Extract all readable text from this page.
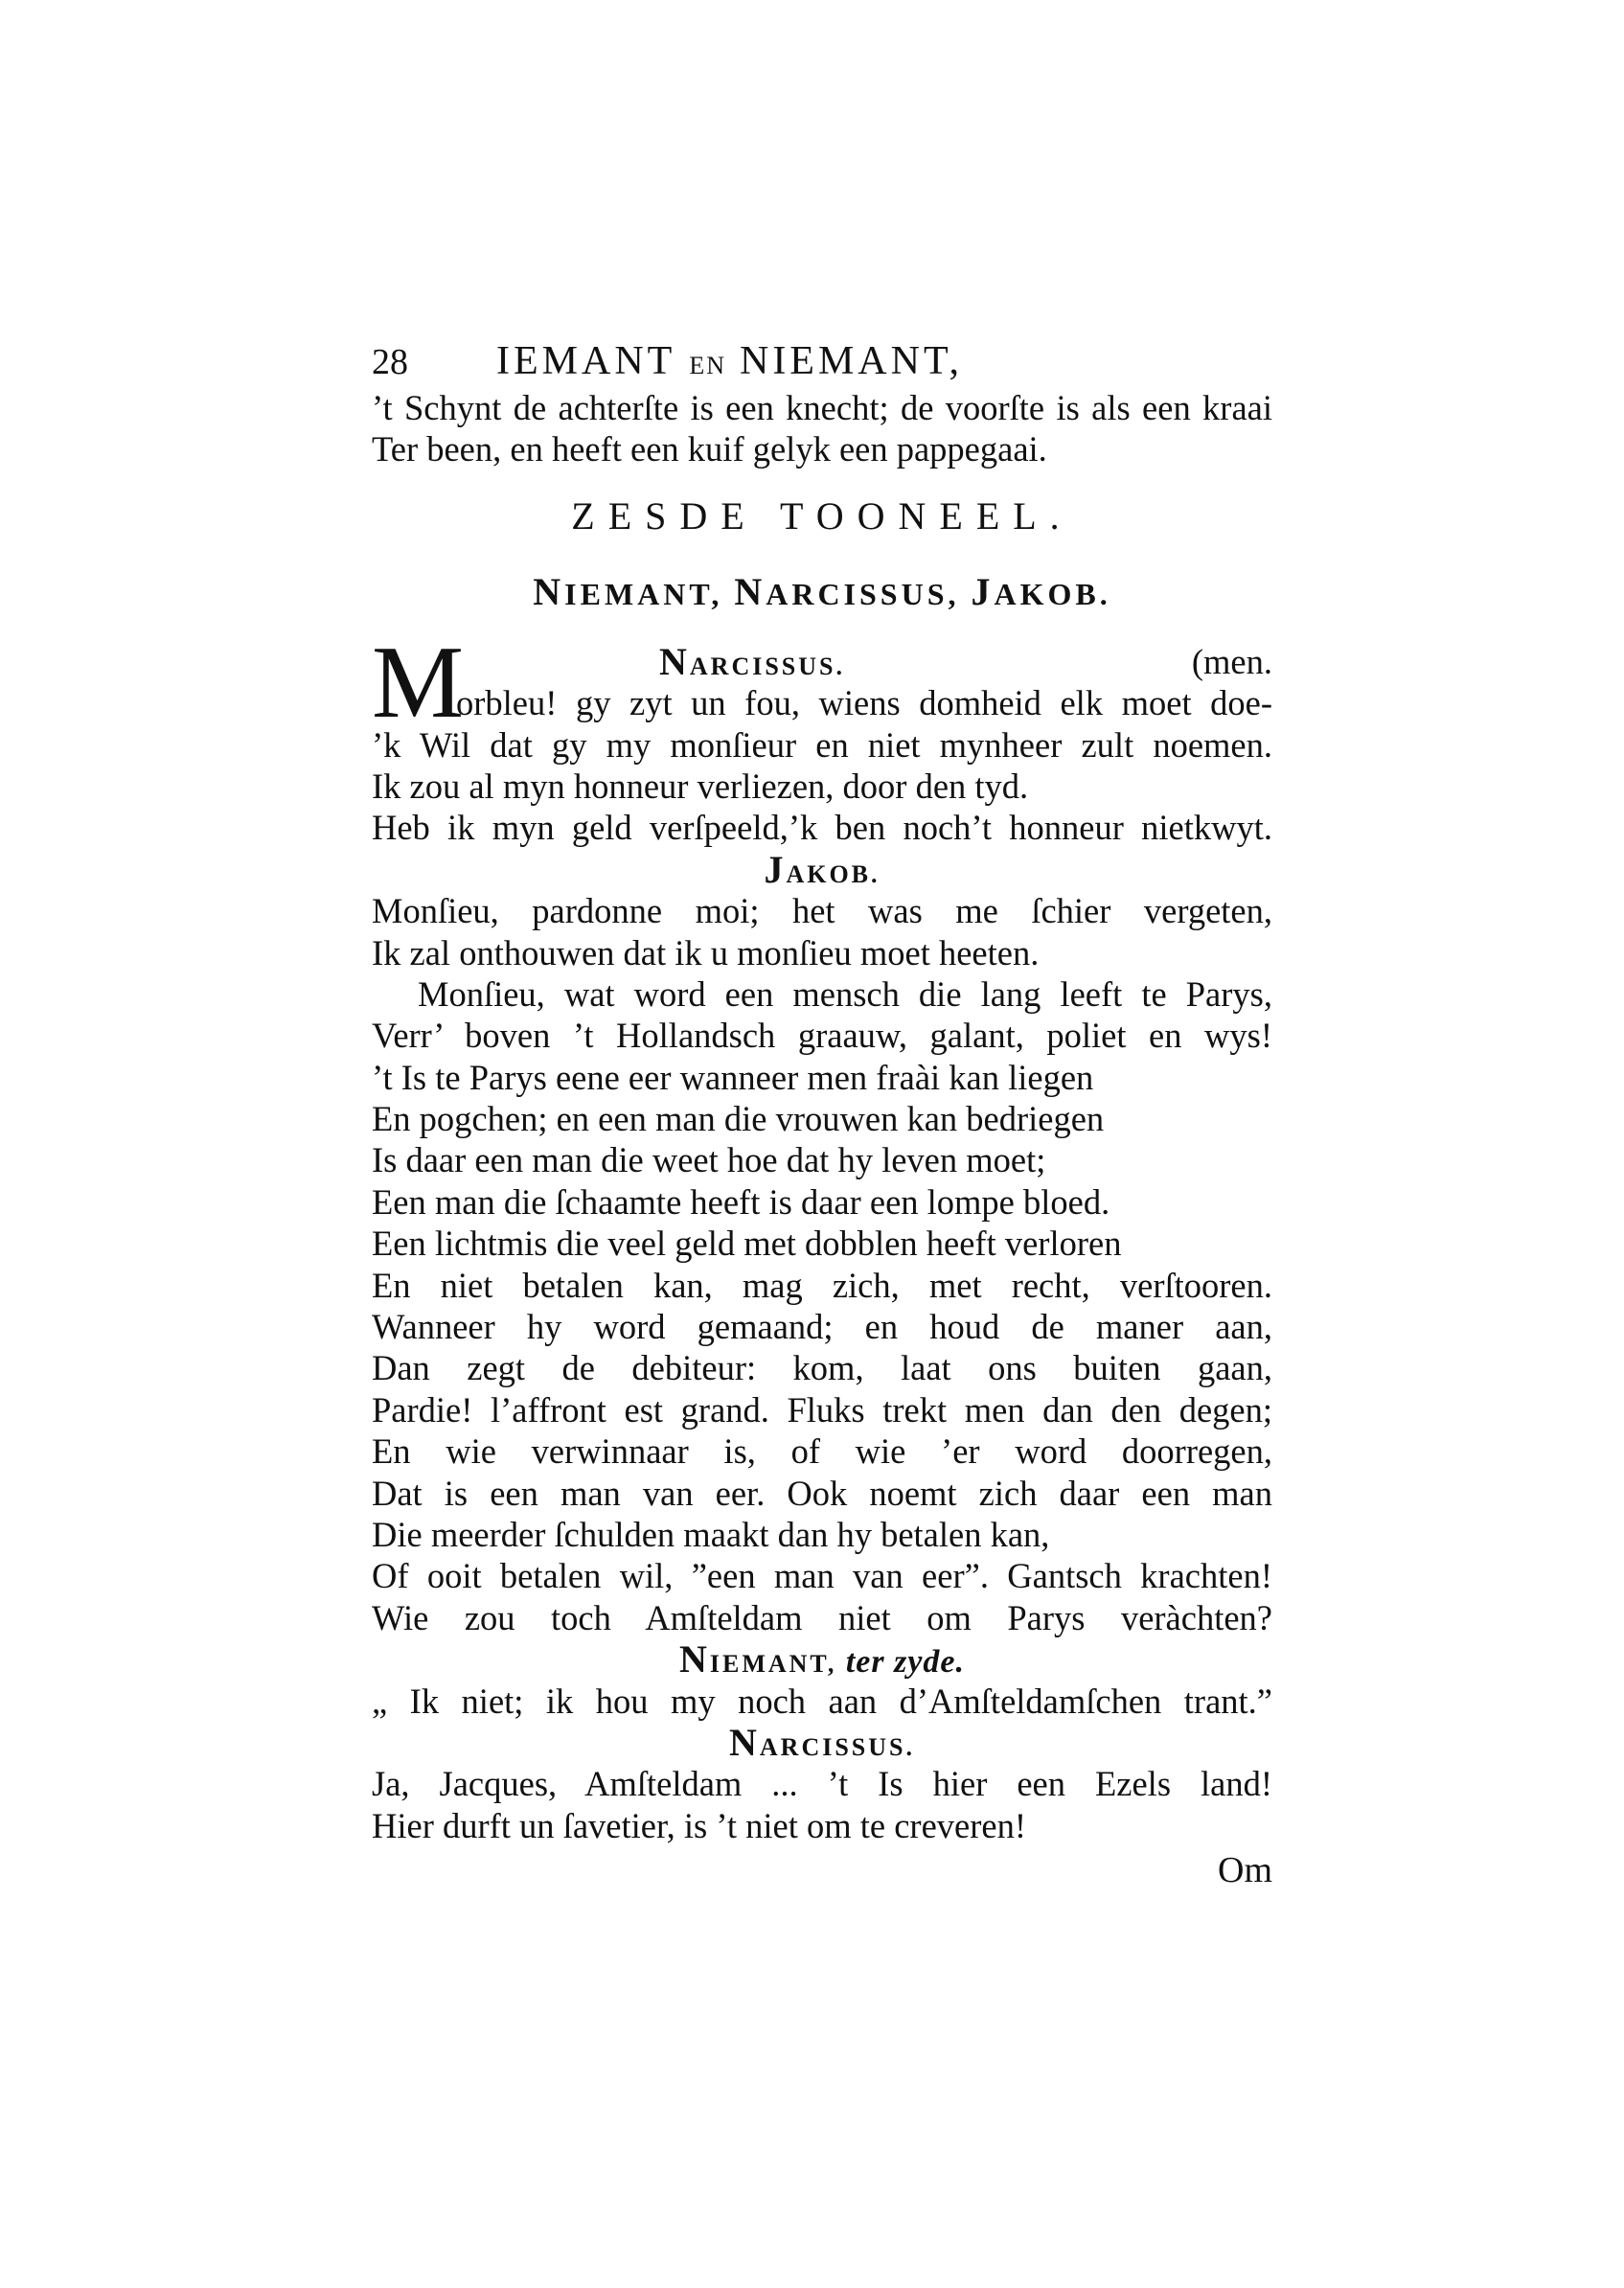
28	IEMANT EN NIEMANT,
’t Schynt de achterſte is een knecht; de voorſte is als een kraai
Ter been, en heeft een kuif gelyk een pappegaai.
ZESDE TOONEEL.
NIEMANT, NARCISSUS, JAKOB.
M	NARCISSUS.	(men.
orbleu! gy zyt un fou, wiens domheid elk moet doe-
’k Wil dat gy my monſieur en niet mynheer zult noemen.
Ik zou al myn honneur verliezen, door den tyd.
Heb ik myn geld verſpeeld,’k ben noch’t honneur nietkwyt.
JAKOB.
Monſieu, pardonne moi; het was me ſchier vergeten,
Ik zal onthouwen dat ik u monſieu moet heeten.
Monſieu, wat word een mensch die lang leeft te Parys,
Verr’ boven ’t Hollandsch graauw, galant, poliet en wys!
’t Is te Parys eene eer wanneer men fraài kan liegen
En pogchen; en een man die vrouwen kan bedriegen
Is daar een man die weet hoe dat hy leven moet;
Een man die ſchaamte heeft is daar een lompe bloed.
Een lichtmis die veel geld met dobblen heeft verloren
En niet betalen kan, mag zich, met recht, verſtooren.
Wanneer hy word gemaand; en houd de maner aan,
Dan zegt de debiteur: kom, laat ons buiten gaan,
Pardie! l’affront est grand. Fluks trekt men dan den degen;
En wie verwinnaar is, of wie ’er word doorregen,
Dat is een man van eer. Ook noemt zich daar een man
Die meerder ſchulden maakt dan hy betalen kan,
Of ooit betalen wil, ”een man van eer”. Gantsch krachten!
Wie zou toch Amſteldam niet om Parys veràchten?
NIEMANT, ter zyde.
„ Ik niet; ik hou my noch aan d’Amſteldamſchen trant.”
NARCISSUS.
Ja, Jacques, Amſteldam ... ’t Is hier een Ezels land!
Hier durft un ſavetier, is ’t niet om te creveren!
Om
